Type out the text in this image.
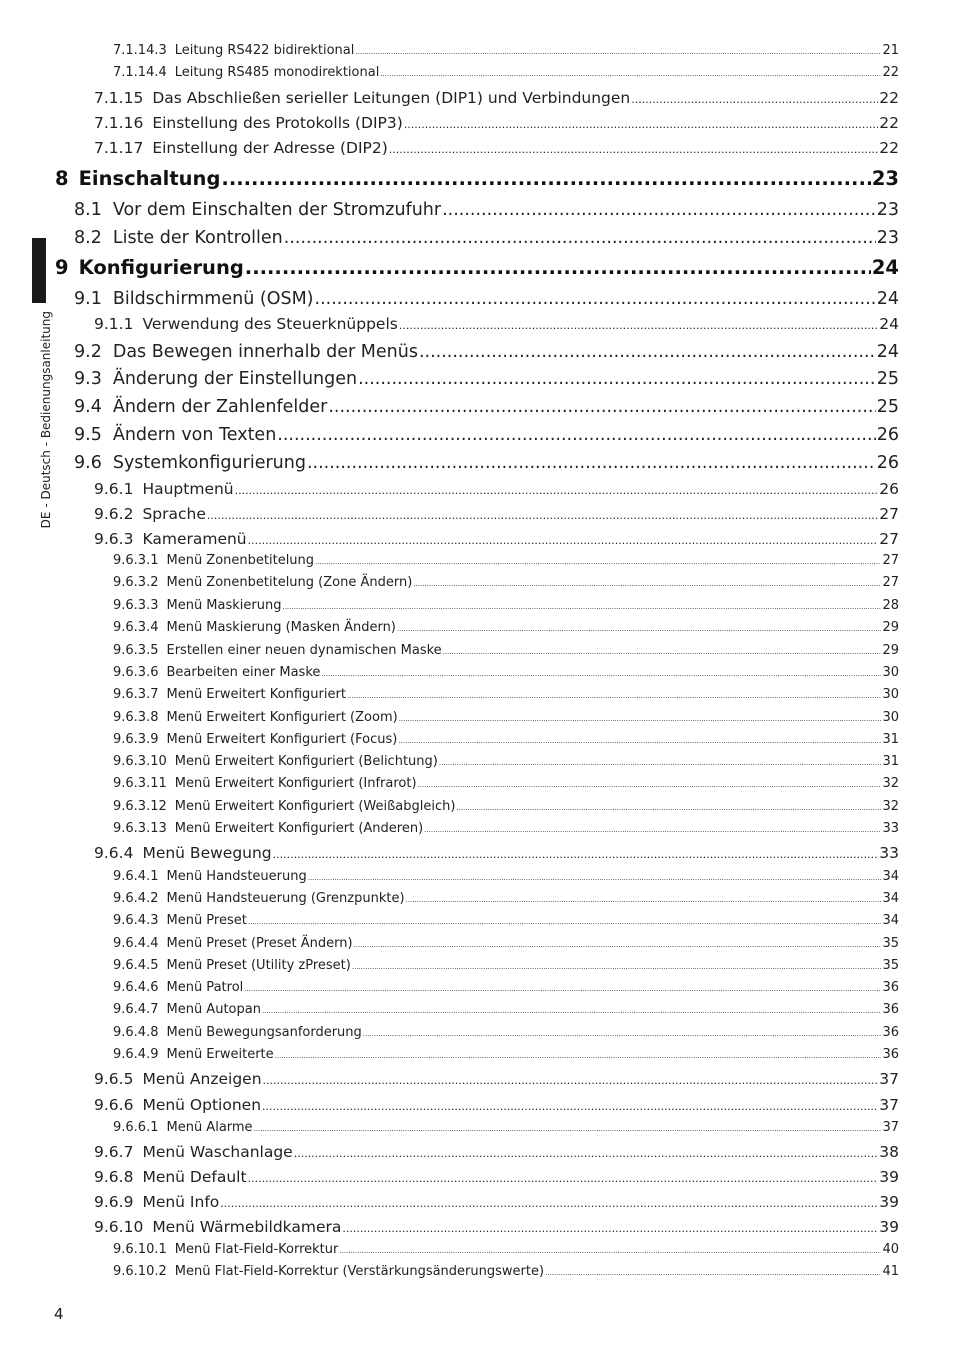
7.1.14.3 Leitung RS422 bidirektional .....	21
7.1.14.4 Leitung RS485 monodirektional .....	22
7.1.15 Das Abschließen serieller Leitungen (DIP1) und Verbindungen .....	22
7.1.16 Einstellung des Protokolls (DIP3) .....	22
7.1.17 Einstellung der Adresse (DIP2) .....	22
8 Einschaltung .....	23
8.1 Vor dem Einschalten der Stromzufuhr .....	23
8.2 Liste der Kontrollen .....	23
9 Konfigurierung .....	24
9.1 Bildschirmmenü (OSM) .....	24
9.1.1 Verwendung des Steuerknüppels .....	24
9.2 Das Bewegen innerhalb der Menüs .....	24
9.3 Änderung der Einstellungen .....	25
9.4 Ändern der Zahlenfelder .....	25
9.5 Ändern von Texten .....	26
9.6 Systemkonfigurierung .....	26
9.6.1 Hauptmenü .....	26
9.6.2 Sprache .....	27
9.6.3 Kameramenü .....	27
9.6.3.1 Menü Zonenbetitelung .....	27
9.6.3.2 Menü Zonenbetitelung (Zone Ändern) .....	27
9.6.3.3 Menü Maskierung .....	28
9.6.3.4 Menü Maskierung (Masken Ändern) .....	29
9.6.3.5 Erstellen einer neuen dynamischen Maske .....	29
9.6.3.6 Bearbeiten einer Maske .....	30
9.6.3.7 Menü Erweitert Konfiguriert .....	30
9.6.3.8 Menü Erweitert Konfiguriert (Zoom) .....	30
9.6.3.9 Menü Erweitert Konfiguriert (Focus) .....	31
9.6.3.10 Menü Erweitert Konfiguriert (Belichtung) .....	31
9.6.3.11 Menü Erweitert Konfiguriert (Infrarot) .....	32
9.6.3.12 Menü Erweitert Konfiguriert (Weißabgleich) .....	32
9.6.3.13 Menü Erweitert Konfiguriert (Anderen) .....	33
9.6.4 Menü Bewegung .....	33
9.6.4.1 Menü Handsteuerung .....	34
9.6.4.2 Menü Handsteuerung (Grenzpunkte) .....	34
9.6.4.3 Menü Preset .....	34
9.6.4.4 Menü Preset (Preset Ändern) .....	35
9.6.4.5 Menü Preset (Utility zPreset) .....	35
9.6.4.6 Menü Patrol .....	36
9.6.4.7 Menü Autopan .....	36
9.6.4.8 Menü Bewegungsanforderung .....	36
9.6.4.9 Menü Erweiterte .....	36
9.6.5 Menü Anzeigen .....	37
9.6.6 Menü Optionen .....	37
9.6.6.1 Menü Alarme .....	37
9.6.7 Menü Waschanlage .....	38
9.6.8 Menü Default .....	39
9.6.9 Menü Info .....	39
9.6.10 Menü Wärmebildkamera .....	39
9.6.10.1 Menü Flat-Field-Korrektur .....	40
9.6.10.2 Menü Flat-Field-Korrektur (Verstärkungsänderungswerte) .....	41
DE - Deutsch - Bedienungsanleitung
4
